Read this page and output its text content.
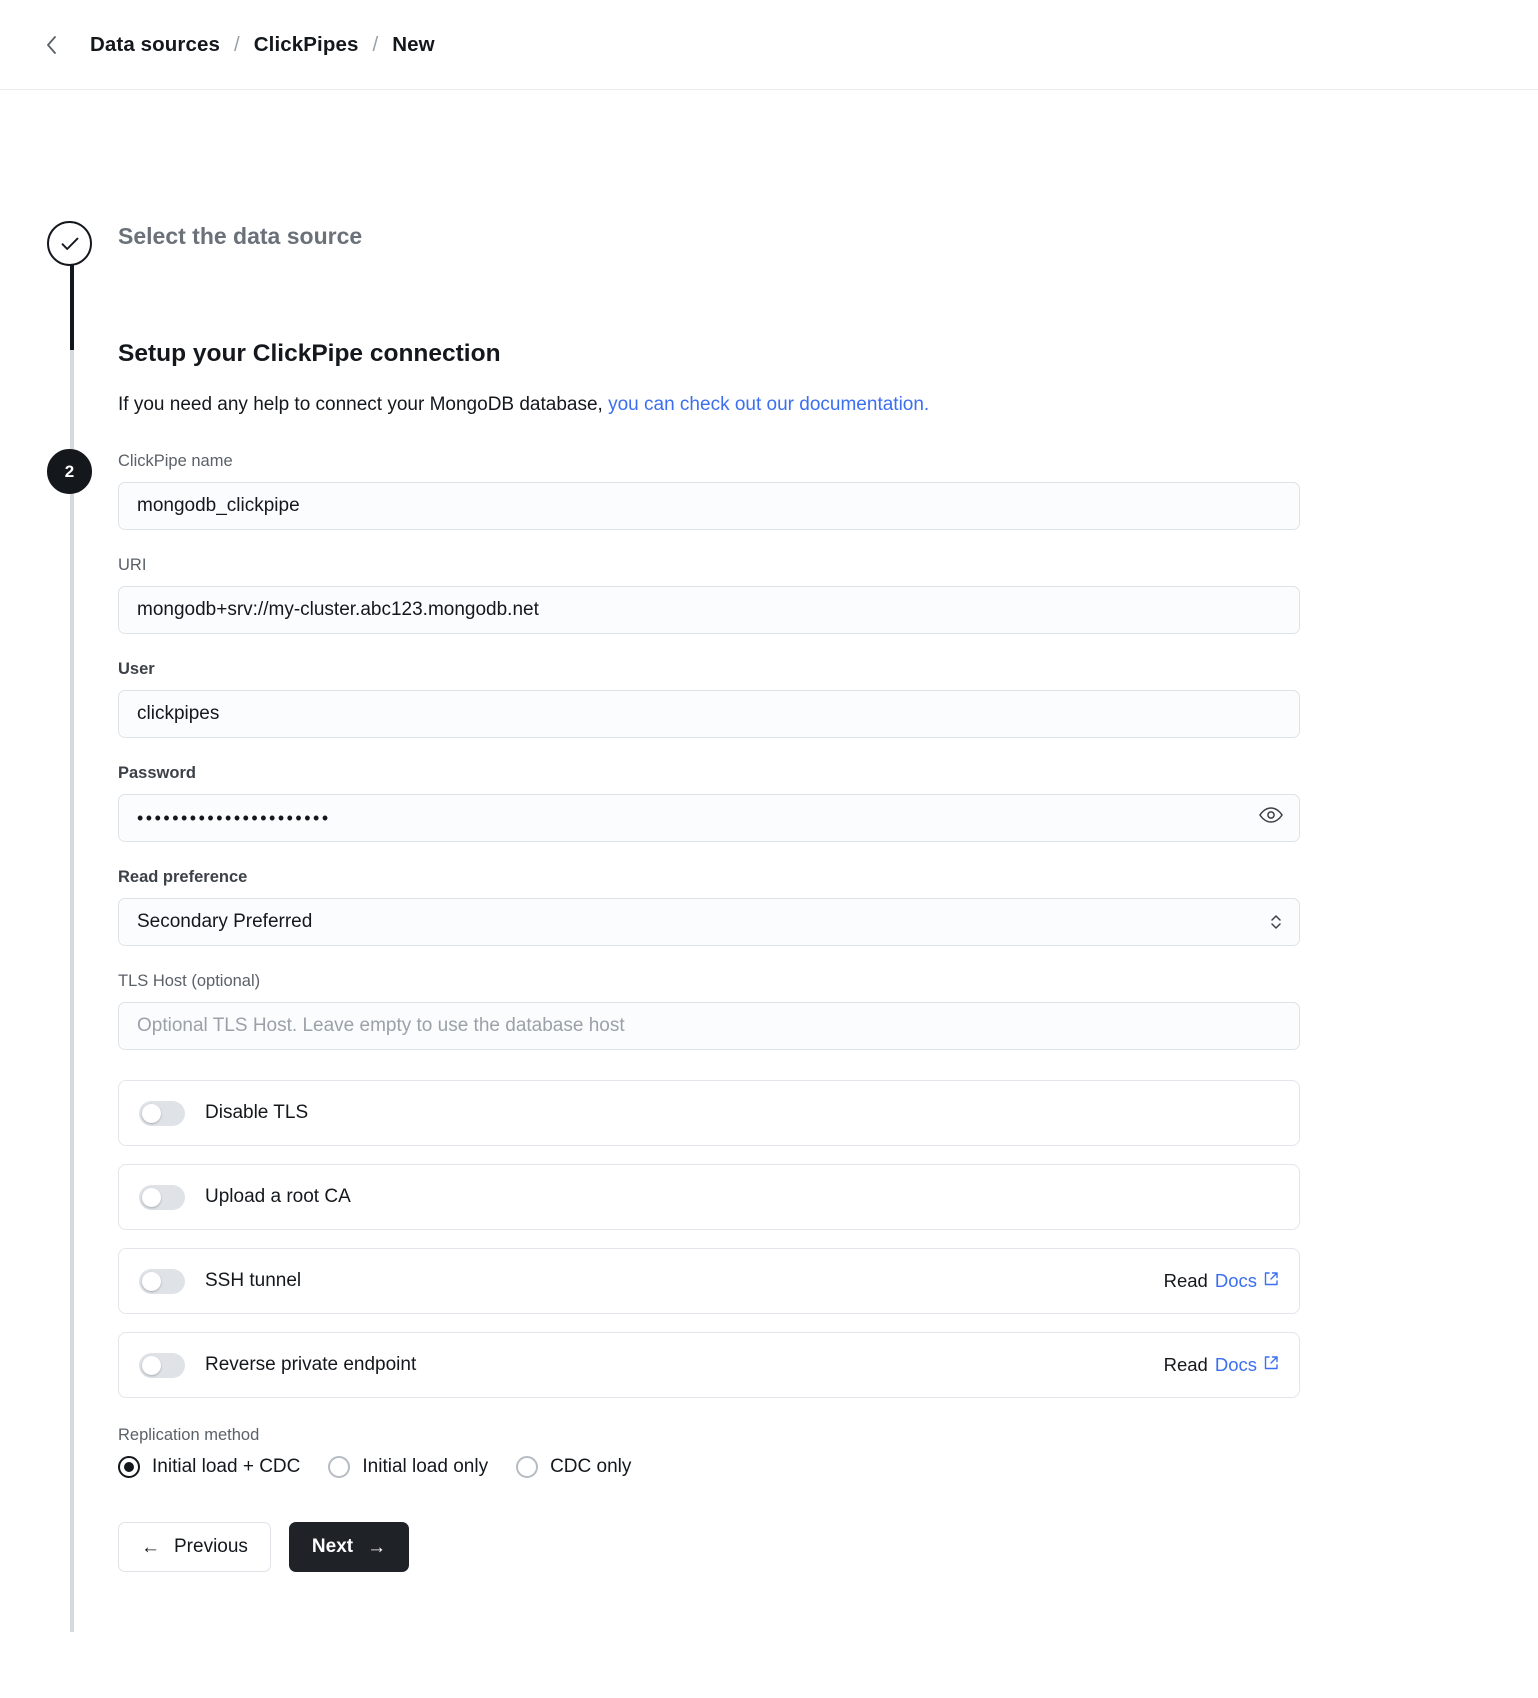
Data sources / ClickPipes / New
Select the data source
2
Setup your ClickPipe connection
If you need any help to connect your MongoDB database, you can check out our documentation.
ClickPipe name
mongodb_clickpipe
URI
mongodb+srv://my-cluster.abc123.mongodb.net
User
clickpipes
Password
••••••••••••••••••••••
Read preference
Secondary Preferred
TLS Host (optional)
Optional TLS Host. Leave empty to use the database host
Disable TLS
Upload a root CA
SSH tunnel	Read Docs
Reverse private endpoint	Read Docs
Replication method
Initial load + CDC	Initial load only	CDC only
← Previous	Next →
